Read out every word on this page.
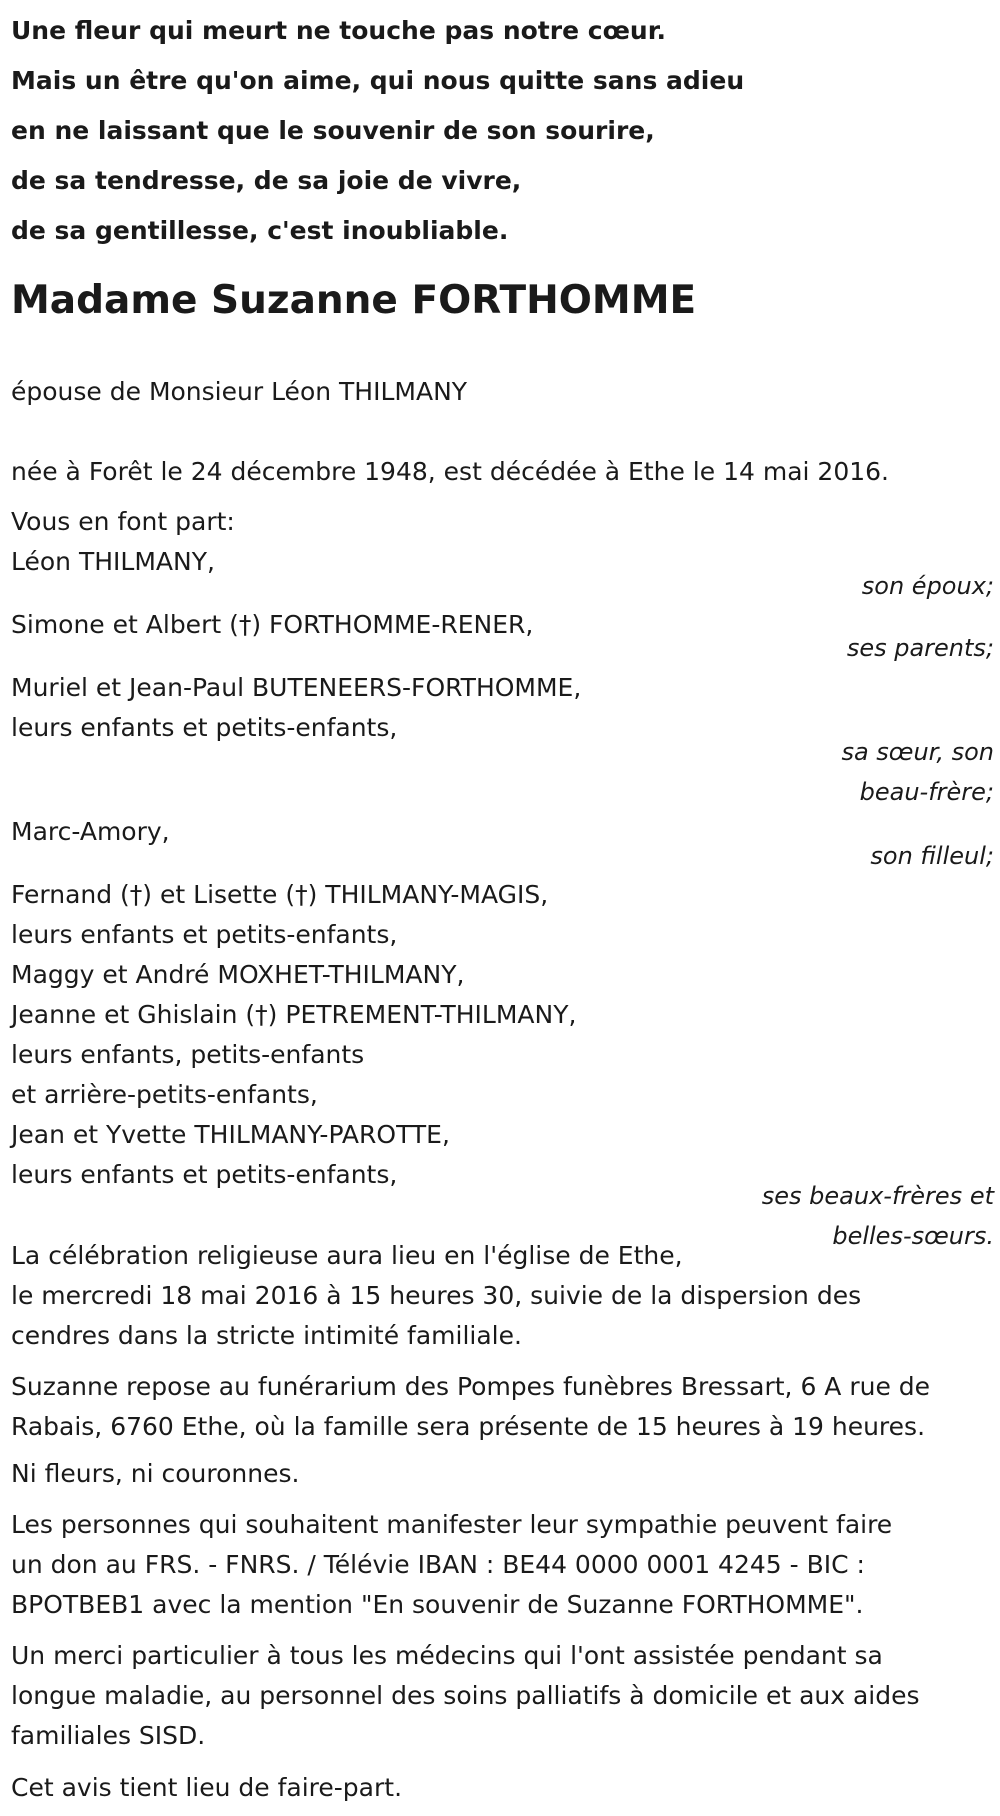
Une fleur qui meurt ne touche pas notre cœur.
Mais un être qu'on aime, qui nous quitte sans adieu
en ne laissant que le souvenir de son sourire,
de sa tendresse, de sa joie de vivre,
de sa gentillesse, c'est inoubliable.
Madame Suzanne FORTHOMME

épouse de Monsieur Léon THILMANY

née à Forêt le 24 décembre 1948, est décédée à Ethe le 14 mai 2016.

Vous en font part:

Léon THILMANY,

son époux;

Simone et Albert (†) FORTHOMME-RENER,

ses parents;

Muriel et Jean-Paul BUTENEERS-FORTHOMME,
leurs enfants et petits-enfants,

sa sœur, son
beau-frère;

Marc-Amory,

son filleul;

Fernand (†) et Lisette (†) THILMANY-MAGIS,
leurs enfants et petits-enfants,
Maggy et André MOXHET-THILMANY,
Jeanne et Ghislain (†) PETREMENT-THILMANY,
leurs enfants, petits-enfants
et arrière-petits-enfants,
Jean et Yvette THILMANY-PAROTTE,
leurs enfants et petits-enfants,

ses beaux-frères et
belles-sœurs.

La célébration religieuse aura lieu en l'église de Ethe,
le mercredi 18 mai 2016 à 15 heures 30, suivie de la dispersion des
cendres dans la stricte intimité familiale.
Suzanne repose au funérarium des Pompes funèbres Bressart, 6 A rue de
Rabais, 6760 Ethe, où la famille sera présente de 15 heures à 19 heures.

Ni fleurs, ni couronnes.

Les personnes qui souhaitent manifester leur sympathie peuvent faire
un don au FRS. - FNRS. / Télévie IBAN : BE44 0000 0001 4245 - BIC :
BPOTBEB1 avec la mention "En souvenir de Suzanne FORTHOMME".
Un merci particulier à tous les médecins qui l'ont assistée pendant sa
longue maladie, au personnel des soins palliatifs à domicile et aux aides
familiales SISD.

Cet avis tient lieu de faire-part.
